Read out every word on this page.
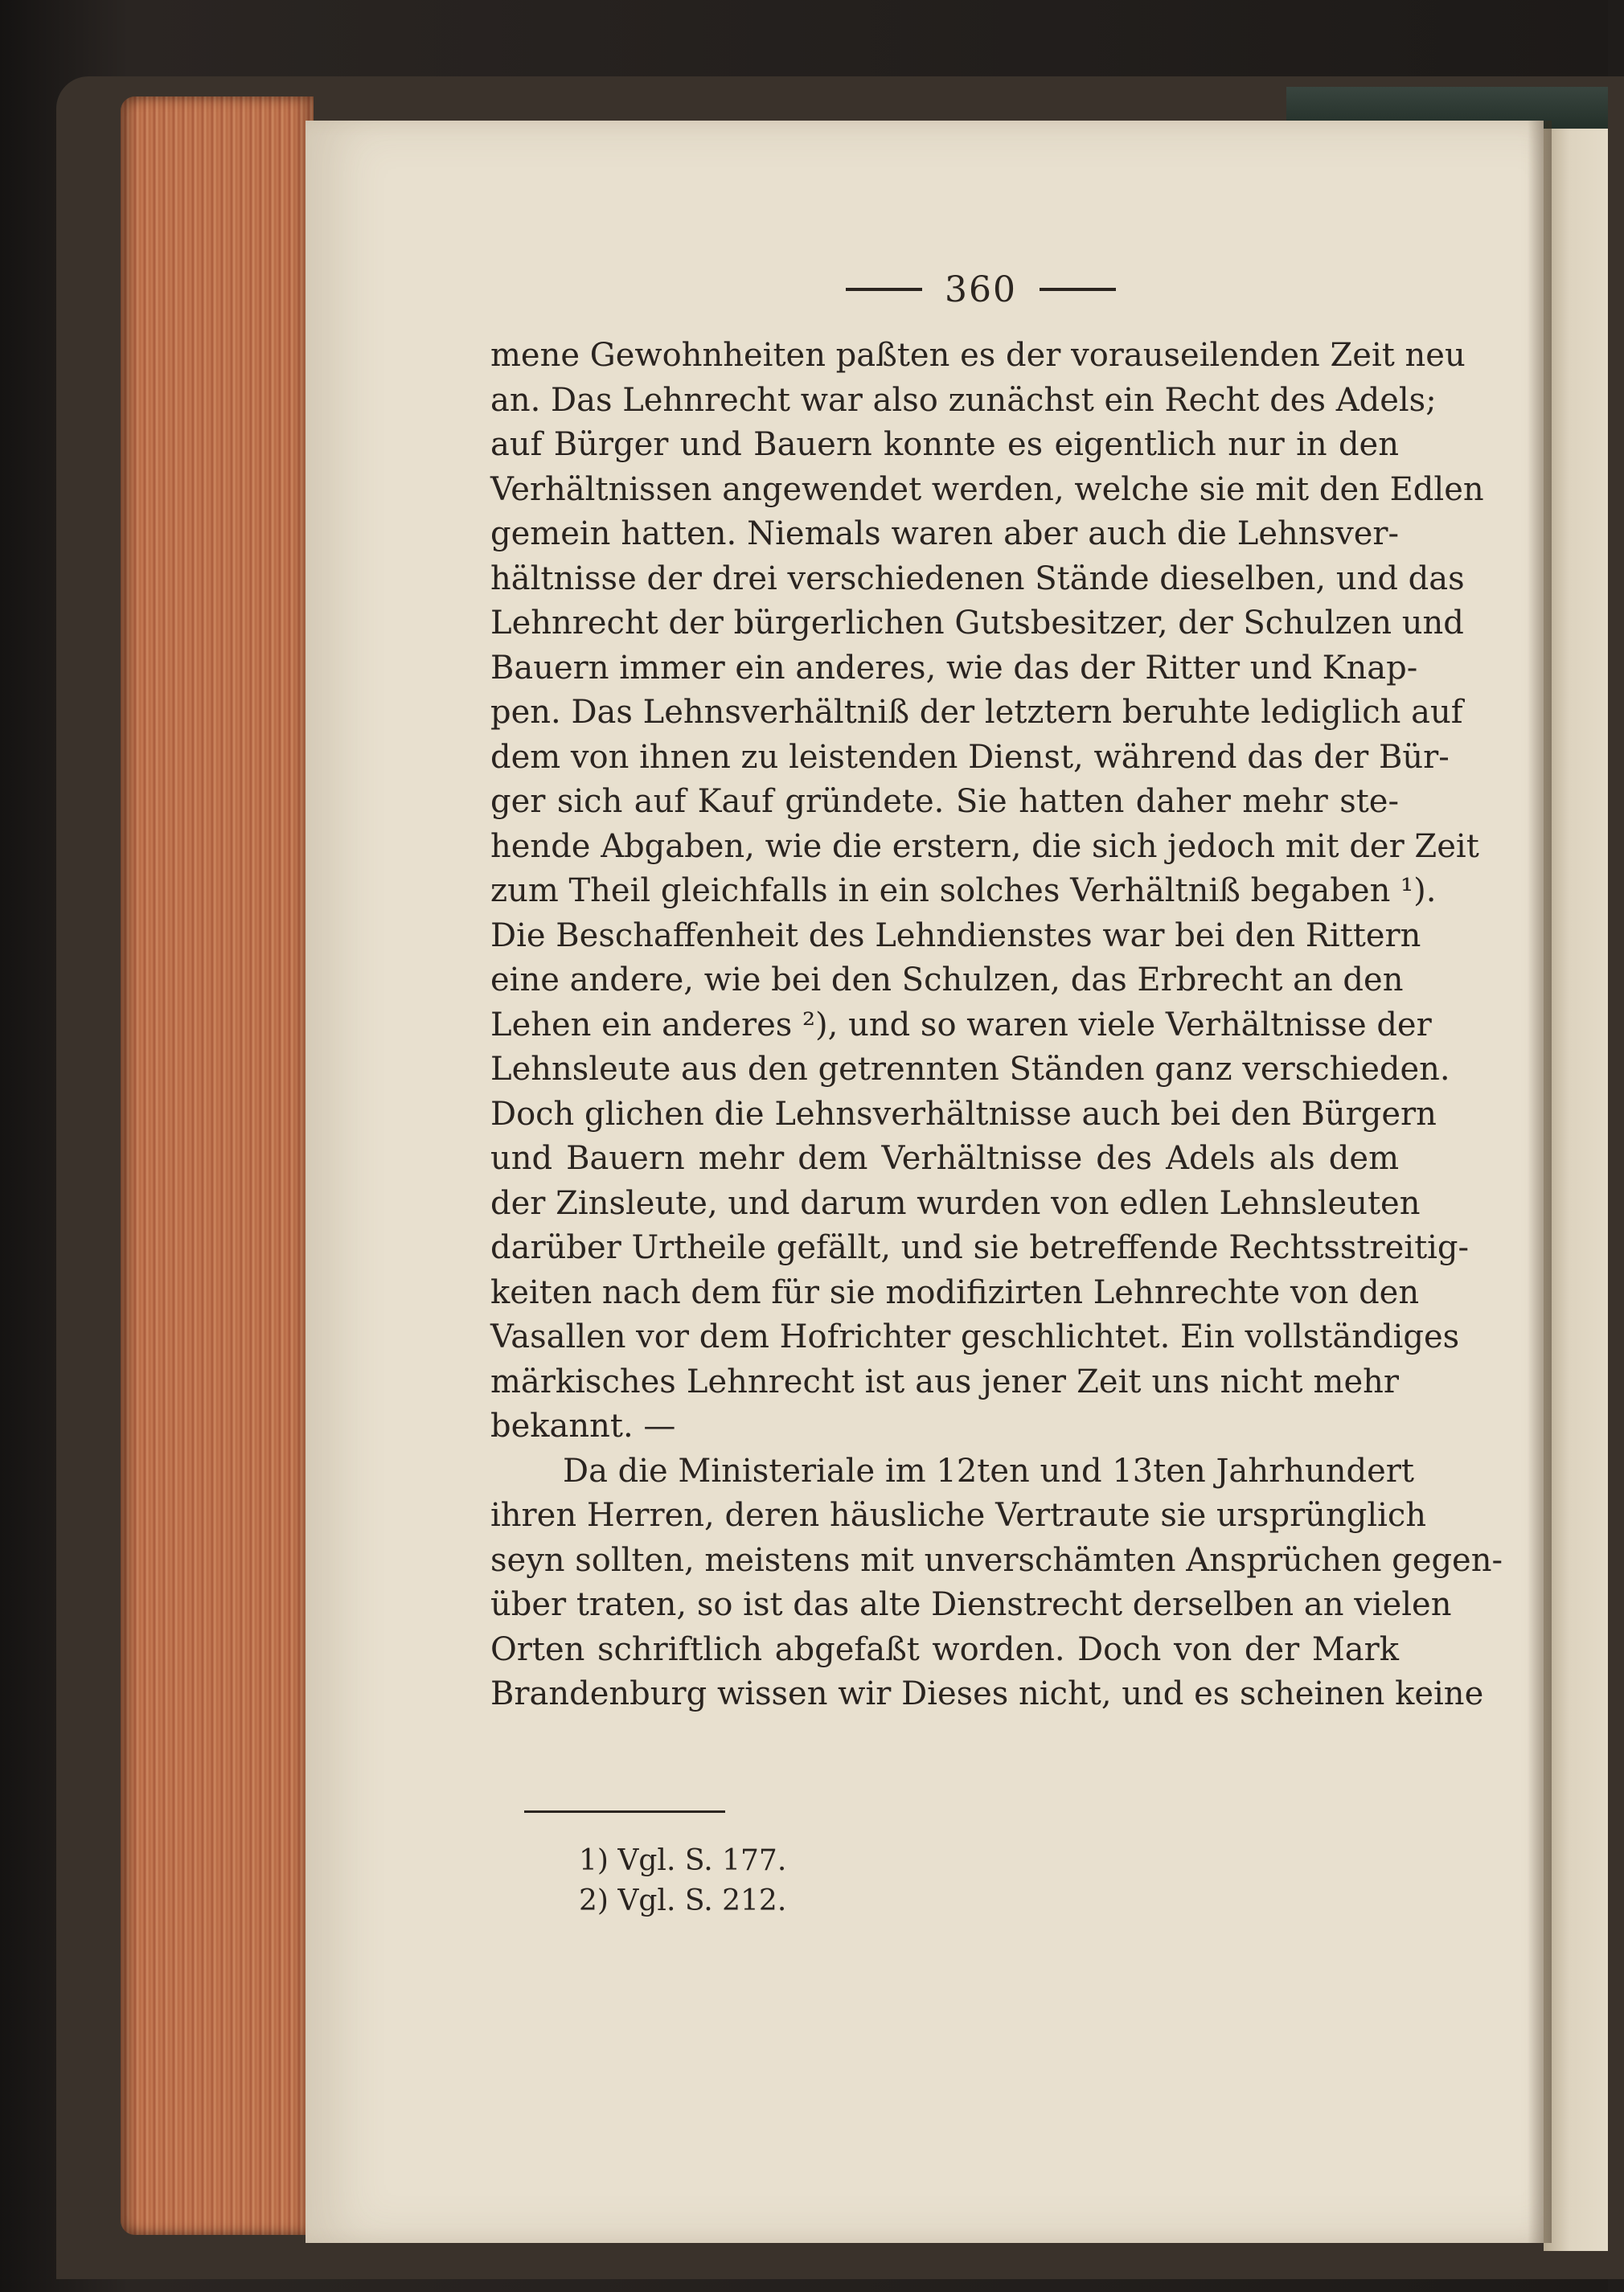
360
mene Gewohnheiten paßten es der vorauseilenden Zeit neu
an. Das Lehnrecht war also zunächst ein Recht des Adels;
auf Bürger und Bauern konnte es eigentlich nur in den
Verhältnissen angewendet werden, welche sie mit den Edlen
gemein hatten. Niemals waren aber auch die Lehnsver-
hältnisse der drei verschiedenen Stände dieselben, und das
Lehnrecht der bürgerlichen Gutsbesitzer, der Schulzen und
Bauern immer ein anderes, wie das der Ritter und Knap-
pen. Das Lehnsverhältniß der letztern beruhte lediglich auf
dem von ihnen zu leistenden Dienst, während das der Bür-
ger sich auf Kauf gründete. Sie hatten daher mehr ste-
hende Abgaben, wie die erstern, die sich jedoch mit der Zeit
zum Theil gleichfalls in ein solches Verhältniß begaben ¹).
Die Beschaffenheit des Lehndienstes war bei den Rittern
eine andere, wie bei den Schulzen, das Erbrecht an den
Lehen ein anderes ²), und so waren viele Verhältnisse der
Lehnsleute aus den getrennten Ständen ganz verschieden.
Doch glichen die Lehnsverhältnisse auch bei den Bürgern
und Bauern mehr dem Verhältnisse des Adels als dem
der Zinsleute, und darum wurden von edlen Lehnsleuten
darüber Urtheile gefällt, und sie betreffende Rechtsstreitig-
keiten nach dem für sie modifizirten Lehnrechte von den
Vasallen vor dem Hofrichter geschlichtet. Ein vollständiges
märkisches Lehnrecht ist aus jener Zeit uns nicht mehr
bekannt. —
Da die Ministeriale im 12ten und 13ten Jahrhundert
ihren Herren, deren häusliche Vertraute sie ursprünglich
seyn sollten, meistens mit unverschämten Ansprüchen gegen-
über traten, so ist das alte Dienstrecht derselben an vielen
Orten schriftlich abgefaßt worden. Doch von der Mark
Brandenburg wissen wir Dieses nicht, und es scheinen keine
1) Vgl. S. 177.
2) Vgl. S. 212.
